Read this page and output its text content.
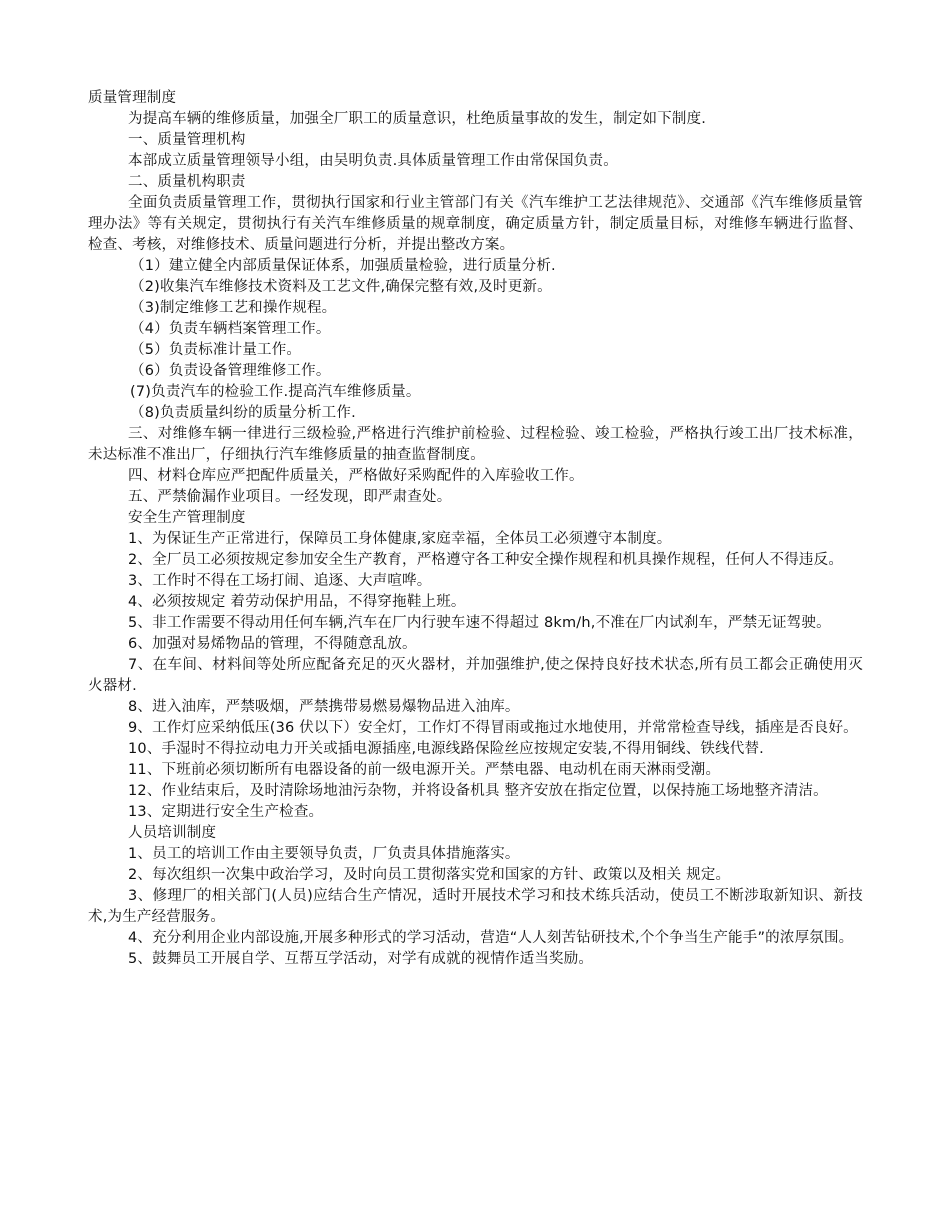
质量管理制度

为提高车辆的维修质量，加强全厂职工的质量意识，杜绝质量事故的发生，制定如下制度.

一、质量管理机构

本部成立质量管理领导小组，由吴明负责.具体质量管理工作由常保国负责。

二、质量机构职责

全面负责质量管理工作，贯彻执行国家和行业主管部门有关《汽车维护工艺法律规范》、交通部《汽车维修质量管理办法》等有关规定，贯彻执行有关汽车维修质量的规章制度，确定质量方针，制定质量目标，对维修车辆进行监督、检查、考核，对维修技术、质量问题进行分析，并提出整改方案。

（1）建立健全内部质量保证体系，加强质量检验，进行质量分析.

（2)收集汽车维修技术资料及工艺文件,确保完整有效,及时更新。

（3)制定维修工艺和操作规程。

（4）负责车辆档案管理工作。

（5）负责标准计量工作。

（6）负责设备管理维修工作。

(7)负责汽车的检验工作.提高汽车维修质量。

（8)负责质量纠纷的质量分析工作.

三、对维修车辆一律进行三级检验,严格进行汽维护前检验、过程检验、竣工检验，严格执行竣工出厂技术标准，未达标准不准出厂，仔细执行汽车维修质量的抽查监督制度。

四、材料仓库应严把配件质量关，严格做好采购配件的入库验收工作。

五、严禁偷漏作业项目。一经发现，即严肃查处。

安全生产管理制度

1、为保证生产正常进行，保障员工身体健康,家庭幸福，全体员工必须遵守本制度。

2、全厂员工必须按规定参加安全生产教育，严格遵守各工种安全操作规程和机具操作规程，任何人不得违反。

3、工作时不得在工场打闹、追逐、大声喧哗。

4、必须按规定 着劳动保护用品，不得穿拖鞋上班。

5、非工作需要不得动用任何车辆,汽车在厂内行驶车速不得超过 8km/h,不准在厂内试刹车，严禁无证驾驶。

6、加强对易烯物品的管理，不得随意乱放。

7、在车间、材料间等处所应配备充足的灭火器材，并加强维护,使之保持良好技术状态,所有员工都会正确使用灭火器材.

8、进入油库，严禁吸烟，严禁携带易燃易爆物品进入油库。

9、工作灯应采纳低压(36 伏以下）安全灯，工作灯不得冒雨或拖过水地使用，并常常检查导线，插座是否良好。

10、手湿时不得拉动电力开关或插电源插座,电源线路保险丝应按规定安装,不得用铜线、铁线代替.

11、下班前必须切断所有电器设备的前一级电源开关。严禁电器、电动机在雨天淋雨受潮。

12、作业结束后，及时清除场地油污杂物，并将设备机具 整齐安放在指定位置，以保持施工场地整齐清洁。

13、定期进行安全生产检查。

人员培训制度

1、员工的培训工作由主要领导负责，厂负责具体措施落实。

2、每次组织一次集中政治学习，及时向员工贯彻落实党和国家的方针、政策以及相关 规定。

3、修理厂的相关部门(人员)应结合生产情况，适时开展技术学习和技术练兵活动，使员工不断涉取新知识、新技术,为生产经营服务。

4、充分利用企业内部设施,开展多种形式的学习活动，营造“人人刻苦钻研技术,个个争当生产能手”的浓厚氛围。

5、鼓舞员工开展自学、互帮互学活动，对学有成就的视情作适当奖励。
